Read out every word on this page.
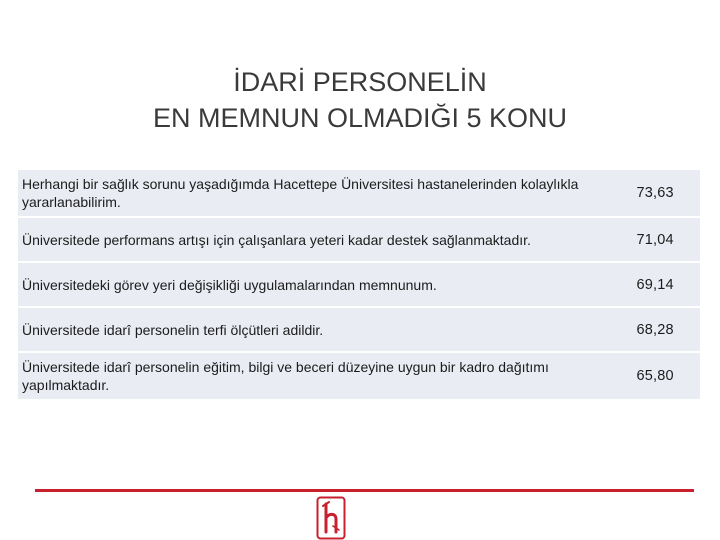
İDARİ PERSONELİN
EN MEMNUN OLMADIĞI 5 KONU
Herhangi bir sağlık sorunu yaşadığımda Hacettepe Üniversitesi hastanelerinden kolaylıkla yararlanabilirim.	73,63
Üniversitede performans artışı için çalışanlara yeteri kadar destek sağlanmaktadır.	71,04
Üniversitedeki görev yeri değişikliği uygulamalarından memnunum.	69,14
Üniversitede idarî personelin terfi ölçütleri adildir.	68,28
Üniversitede idarî personelin eğitim, bilgi ve beceri düzeyine uygun bir kadro dağıtımı yapılmaktadır.	65,80
